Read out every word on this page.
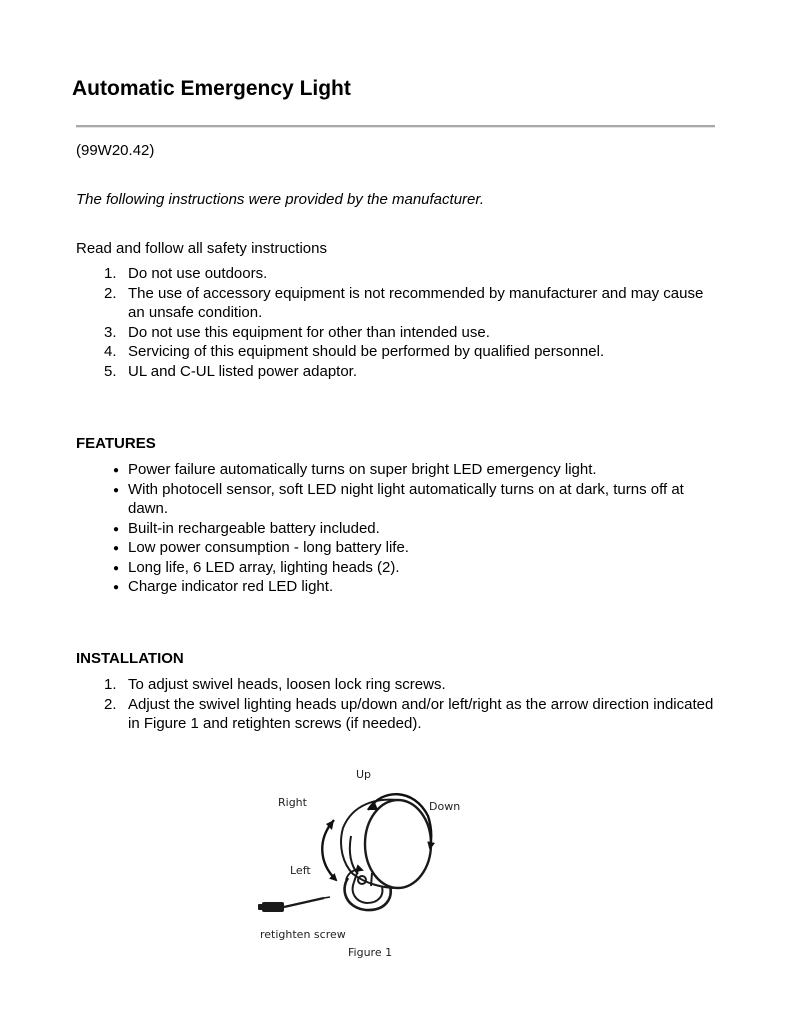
Automatic Emergency Light

(99W20.42)

The following instructions were provided by the manufacturer.

Read and follow all safety instructions

1. Do not use outdoors.
2. The use of accessory equipment is not recommended by manufacturer and may cause an unsafe condition.
3. Do not use this equipment for other than intended use.
4. Servicing of this equipment should be performed by qualified personnel.
5. UL and C-UL listed power adaptor.
FEATURES
● Power failure automatically turns on super bright LED emergency light.
● With photocell sensor, soft LED night light automatically turns on at dark, turns off at dawn.
● Built-in rechargeable battery included.
● Low power consumption - long battery life.
● Long life, 6 LED array, lighting heads (2).
● Charge indicator red LED light.
INSTALLATION
1. To adjust swivel heads, loosen lock ring screws.
2. Adjust the swivel lighting heads up/down and/or left/right as the arrow direction indicated in Figure 1 and retighten screws (if needed).
Up
Right	Down
Left
retighten screw
Figure 1
